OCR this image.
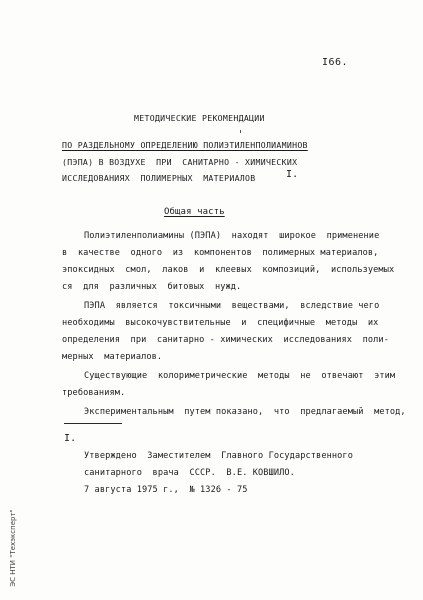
I66.
МЕТОДИЧЕСКИЕ РЕКОМЕНДАЦИИ
ПО РАЗДЕЛЬНОМУ ОПРЕДЕЛЕНИЮ ПОЛИЭТИЛЕНПОЛИАМИНОВ
(ПЭПА) В ВОЗДУХЕ  ПРИ  САНИТАРНО - ХИМИЧЕСКИХ
ИССЛЕДОВАНИЯХ  ПОЛИМЕРНЫХ  МАТЕРИАЛОВ	I.
Общая часть
Полиэтиленполиамины (ПЭПА)  находят  широкое  применение
в  качестве  одного  из  компонентов  полимерных материалов,
эпоксидных  смол,  лаков  и  клеевых  композиций,  используемых
ся  для  различных  битовых  нужд.
ПЭПА  является  токсичными  веществами,  вследствие чего
необходимы  высокочувствительные  и  специфичные  методы  их
определения  при  санитарно - химических  исследованиях  поли-
мерных  материалов.
Существующие  колориметрические  методы  не  отвечают  этим
требованиям.
Экспериментальным  путем показано,  что  предлагаемый  метод,
I.
Утверждено  Заместителем  Главного Государственного
санитарного  врача  СССР.  В.Е. КОВШИЛО.
7 августа 1975 г.,  № 1326 - 75
ЭС НТИ "Техэксперт"
